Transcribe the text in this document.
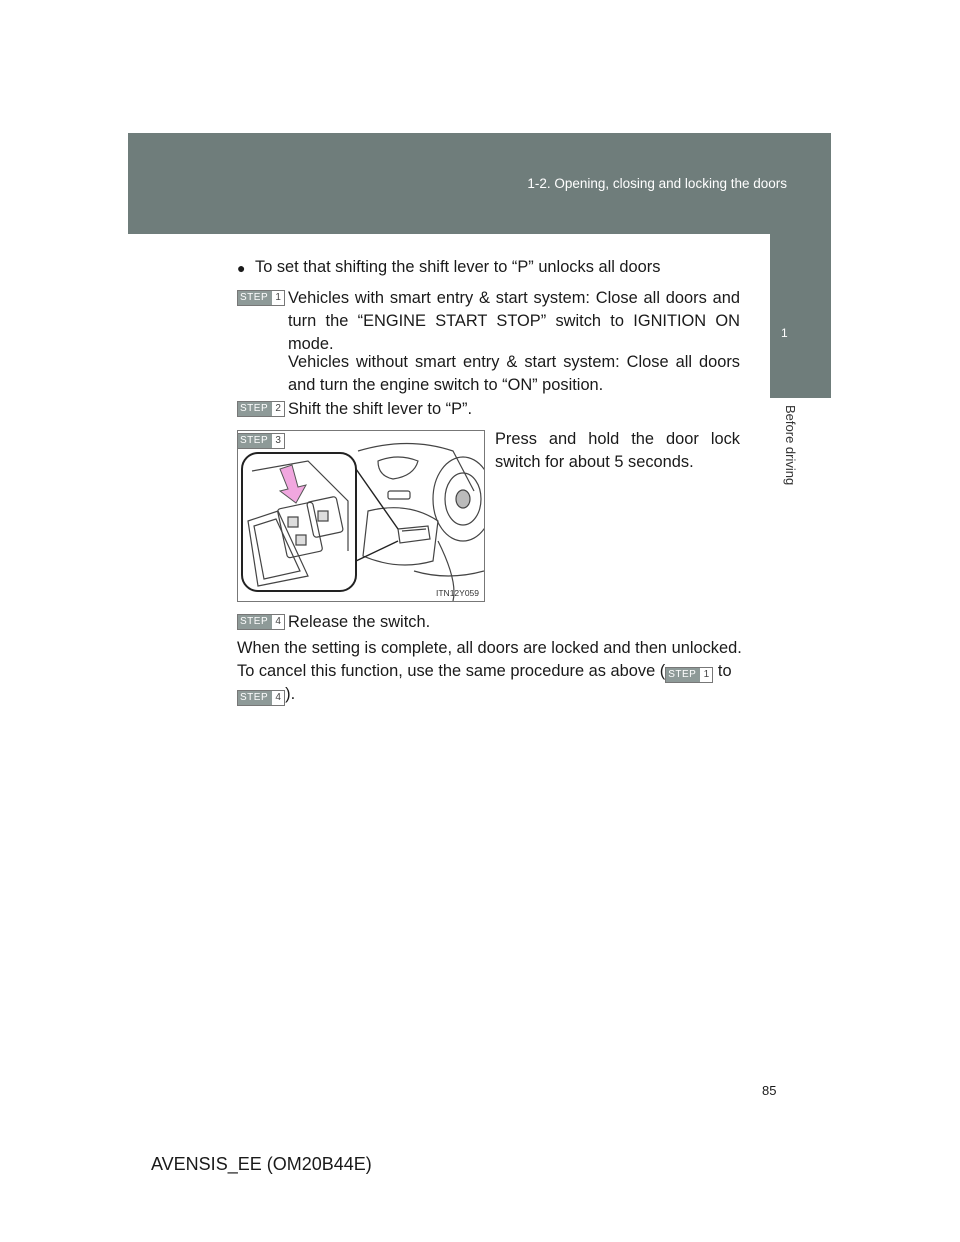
1-2. Opening, closing and locking the doors
1
Before driving
● To set that shifting the shift lever to “P” unlocks all doors
STEP 1 Vehicles with smart entry & start system: Close all doors and turn the “ENGINE START STOP” switch to IGNITION ON mode.
Vehicles without smart entry & start system: Close all doors and turn the engine switch to “ON” position.
STEP 2 Shift the shift lever to “P”.
STEP 3	Press and hold the door lock switch for about 5 seconds.
ITN12Y059
STEP 4 Release the switch.
When the setting is complete, all doors are locked and then unlocked.
To cancel this function, use the same procedure as above ( STEP 1 to
STEP 4 ).
85
AVENSIS_EE (OM20B44E)
